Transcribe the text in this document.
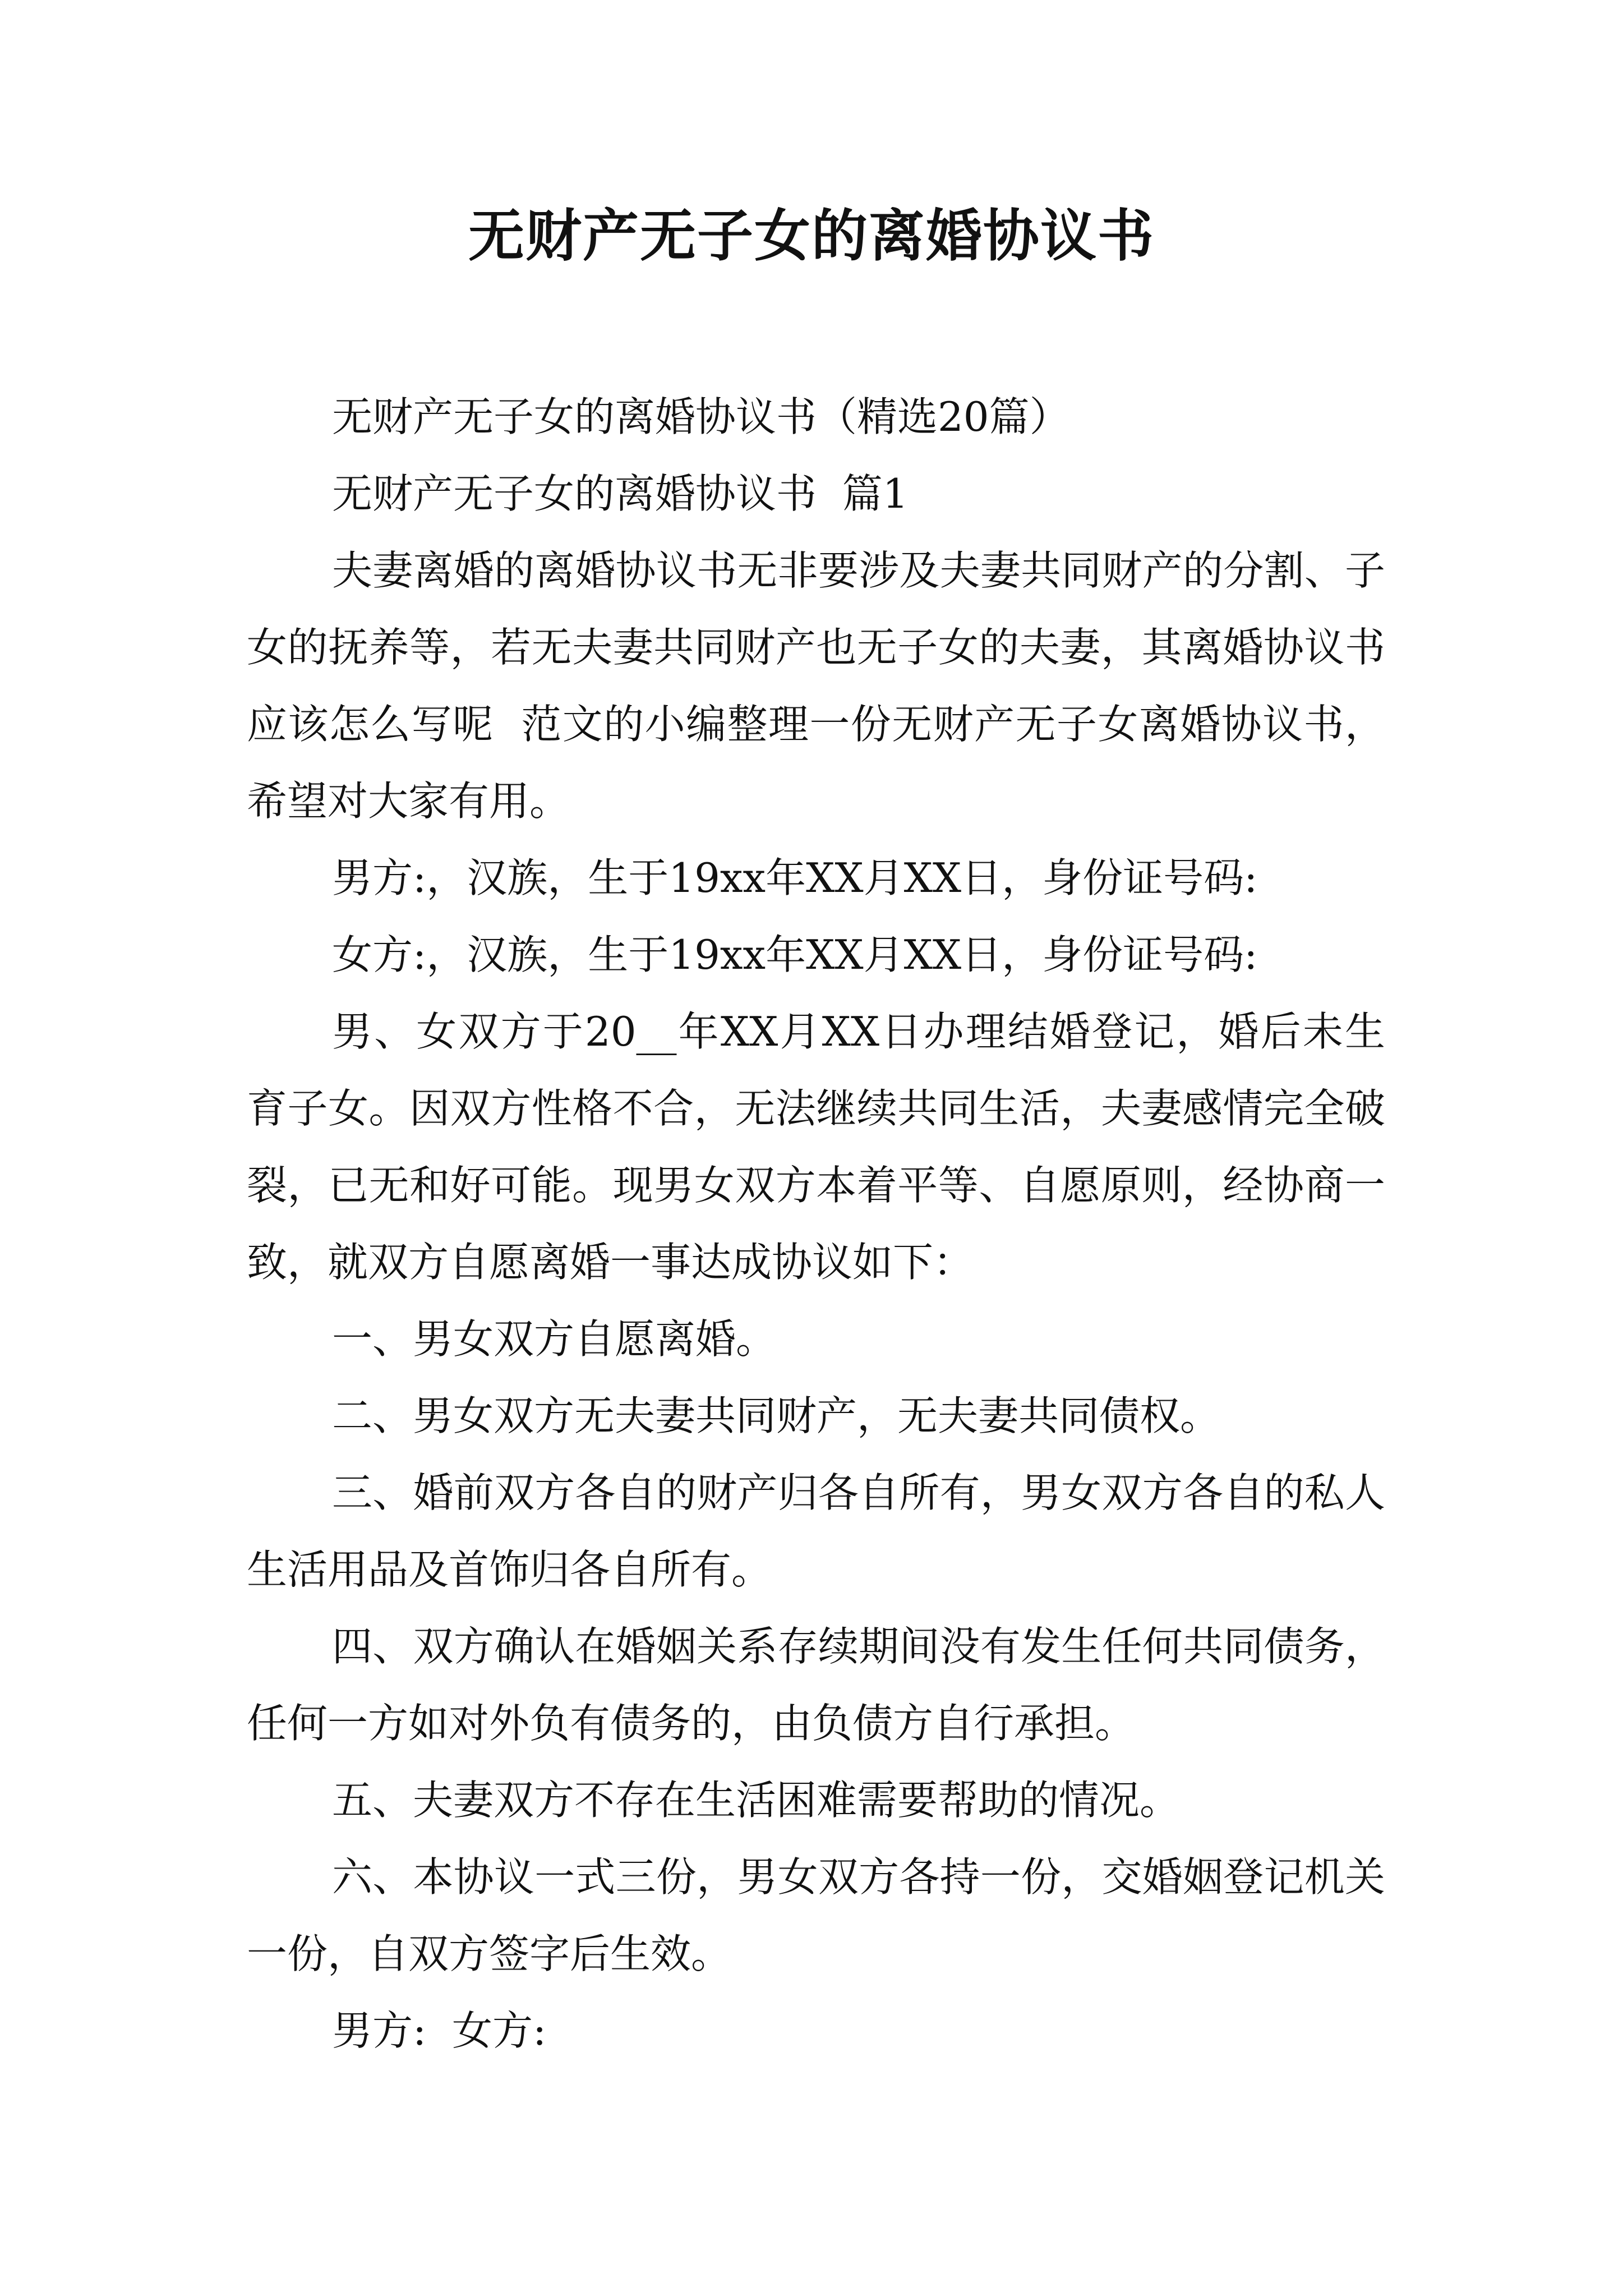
无财产无子女的离婚协议书

无财产无子女的离婚协议书（精选20篇）

无财产无子女的离婚协议书  篇1

夫妻离婚的离婚协议书无非要涉及夫妻共同财产的分割、子女的抚养等，若无夫妻共同财产也无子女的夫妻，其离婚协议书应该怎么写呢  范文的小编整理一份无财产无子女离婚协议书，希望对大家有用。

男方:，汉族，生于19xx年XX月XX日，身份证号码:

女方:，汉族，生于19xx年XX月XX日，身份证号码:

男、女双方于20__年XX月XX日办理结婚登记，婚后未生育子女。因双方性格不合，无法继续共同生活，夫妻感情完全破裂，已无和好可能。现男女双方本着平等、自愿原则，经协商一致，就双方自愿离婚一事达成协议如下：

一、男女双方自愿离婚。

二、男女双方无夫妻共同财产，无夫妻共同债权。

三、婚前双方各自的财产归各自所有，男女双方各自的私人生活用品及首饰归各自所有。

四、双方确认在婚姻关系存续期间没有发生任何共同债务，任何一方如对外负有债务的，由负债方自行承担。

五、夫妻双方不存在生活困难需要帮助的情况。

六、本协议一式三份，男女双方各持一份，交婚姻登记机关一份，自双方签字后生效。

男方:  女方:
